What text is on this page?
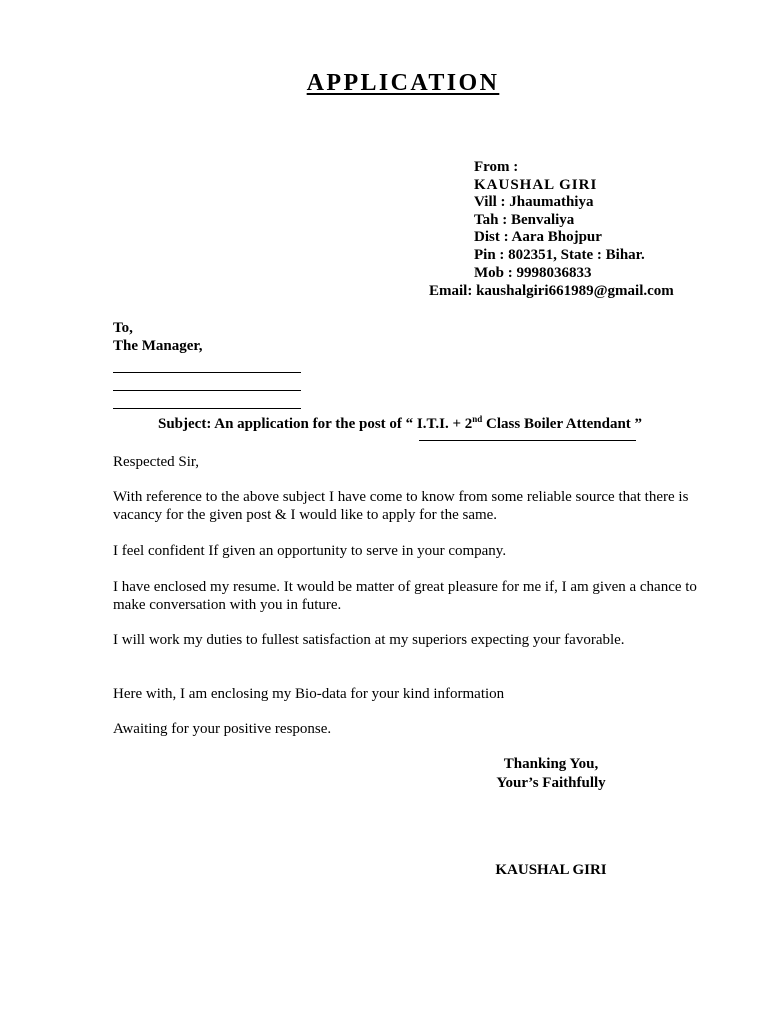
APPLICATION
From :
KAUSHAL GIRI
Vill : Jhaumathiya
Tah : Benvaliya
Dist : Aara Bhojpur
Pin : 802351, State : Bihar.
Mob : 9998036833
Email: kaushalgiri661989@gmail.com
To,
The Manager,
Subject: An application for the post of “ I.T.I. + 2nd Class Boiler Attendant ”
Respected Sir,
With reference to the above subject I have come to know from some reliable source that there is vacancy for the given post & I would like to apply for the same.
I feel confident If given an opportunity to serve in your company.
I have enclosed my resume. It would be matter of great pleasure for me if, I am given a chance to make conversation with you in future.
I will work my duties to fullest satisfaction at my superiors expecting your favorable.
Here with, I am enclosing my Bio-data for your kind information
Awaiting for your positive response.
Thanking You,
Your’s Faithfully
KAUSHAL GIRI
